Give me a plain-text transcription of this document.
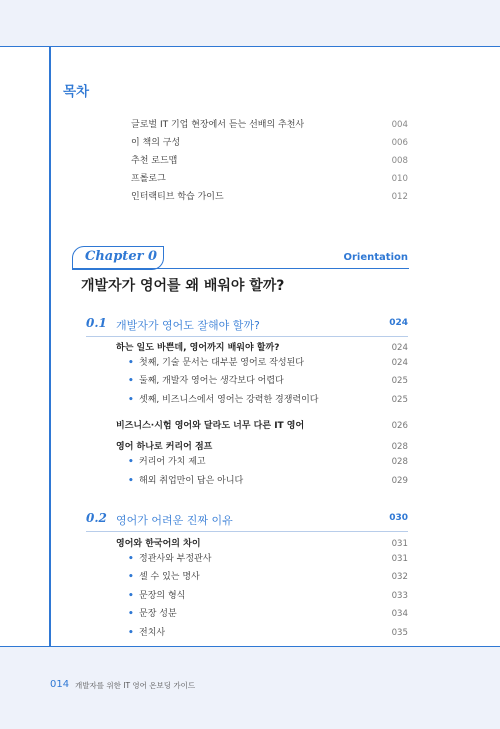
목차
글로벌 IT 기업 현장에서 듣는 선배의 추천사	004
이 책의 구성	006
추천 로드맵	008
프롤로그	010
인터랙티브 학습 가이드	012
Chapter 0	Orientation
개발자가 영어를 왜 배워야 할까?
0.1 개발자가 영어도 잘해야 할까?	024
하는 일도 바쁜데, 영어까지 배워야 할까?	024
• 첫째, 기술 문서는 대부분 영어로 작성된다	024
• 둘째, 개발자 영어는 생각보다 어렵다	025
• 셋째, 비즈니스에서 영어는 강력한 경쟁력이다	025
비즈니스·시험 영어와 달라도 너무 다른 IT 영어	026
영어 하나로 커리어 점프	028
• 커리어 가치 제고	028
• 해외 취업만이 답은 아니다	029
0.2 영어가 어려운 진짜 이유	030
영어와 한국어의 차이	031
• 정관사와 부정관사	031
• 셀 수 있는 명사	032
• 문장의 형식	033
• 문장 성분	034
• 전치사	035
014 개발자를 위한 IT 영어 온보딩 가이드
